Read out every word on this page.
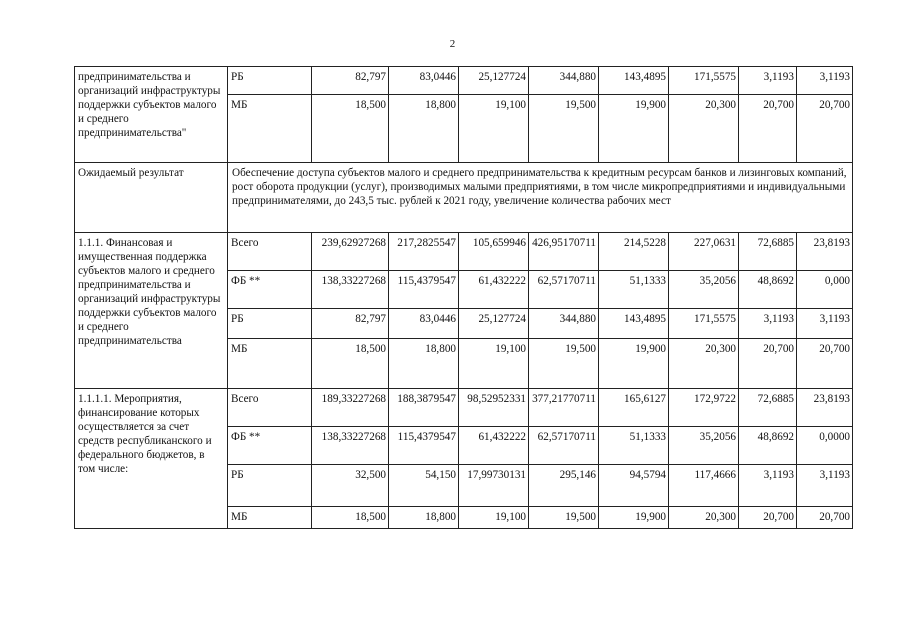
2
предпринимательства и организаций инфраструктуры поддержки субъектов малого и среднего предпринимательства"	РБ	82,797	83,0446	25,127724	344,880	143,4895	171,5575	3,1193	3,1193
	МБ	18,500	18,800	19,100	19,500	19,900	20,300	20,700	20,700
Ожидаемый результат	Обеспечение доступа субъектов малого и среднего предпринимательства к кредитным ресурсам банков и лизинговых компаний, рост оборота продукции (услуг), производимых малыми предприятиями, в том числе микропредприятиями и индивидуальными предпринимателями, до 243,5 тыс. рублей к 2021 году, увеличение количества рабочих мест								
1.1.1. Финансовая и имущественная поддержка субъектов малого и среднего предпринимательства и организаций инфраструктуры поддержки субъектов малого и среднего предпринимательства	Всего	239,62927268	217,2825547	105,659946	426,95170711	214,5228	227,0631	72,6885	23,8193
	ФБ **	138,33227268	115,4379547	61,432222	62,57170711	51,1333	35,2056	48,8692	0,000
	РБ	82,797	83,0446	25,127724	344,880	143,4895	171,5575	3,1193	3,1193
	МБ	18,500	18,800	19,100	19,500	19,900	20,300	20,700	20,700
1.1.1.1. Мероприятия, финансирование которых осуществляется за счет средств республиканского и федерального бюджетов, в том числе:	Всего	189,33227268	188,3879547	98,52952331	377,21770711	165,6127	172,9722	72,6885	23,8193
	ФБ **	138,33227268	115,4379547	61,432222	62,57170711	51,1333	35,2056	48,8692	0,0000
	РБ	32,500	54,150	17,99730131	295,146	94,5794	117,4666	3,1193	3,1193
	МБ	18,500	18,800	19,100	19,500	19,900	20,300	20,700	20,700
